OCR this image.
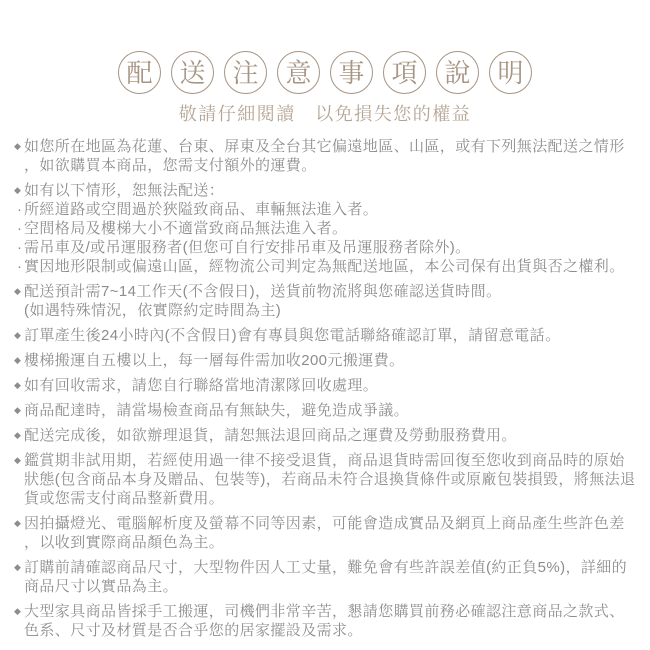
配	送	注	意	事	項	說	明
敬請仔細閱讀　以免損失您的權益
◆ 如您所在地區為花蓮、台東、屏東及全台其它偏遠地區、山區，或有下列無法配送之情形
，如欲購買本商品，您需支付額外的運費。
◆ 如有以下情形，恕無法配送：
· 所經道路或空間過於狹隘致商品、車輛無法進入者。
· 空間格局及樓梯大小不適當致商品無法進入者。
· 需吊車及/或吊運服務者(但您可自行安排吊車及吊運服務者除外)。
· 實因地形限制或偏遠山區，經物流公司判定為無配送地區，本公司保有出貨與否之權利。
◆ 配送預計需7~14工作天(不含假日)，送貨前物流將與您確認送貨時間。
(如遇特殊情況，依實際約定時間為主)
◆ 訂單產生後24小時內(不含假日)會有專員與您電話聯絡確認訂單，請留意電話。
◆ 樓梯搬運自五樓以上，每一層每件需加收200元搬運費。
◆ 如有回收需求，請您自行聯絡當地清潔隊回收處理。
◆ 商品配達時，請當場檢查商品有無缺失，避免造成爭議。
◆ 配送完成後，如欲辦理退貨，請恕無法退回商品之運費及勞動服務費用。
◆ 鑑賞期非試用期，若經使用過一律不接受退貨，商品退貨時需回復至您收到商品時的原始
狀態(包含商品本身及贈品、包裝等)，若商品未符合退換貨條件或原廠包裝損毀，將無法退
貨或您需支付商品整新費用。
◆ 因拍攝燈光、電腦解析度及螢幕不同等因素，可能會造成實品及網頁上商品產生些許色差
，以收到實際商品顏色為主。
◆ 訂購前請確認商品尺寸，大型物件因人工丈量，難免會有些許誤差值(約正負5%)，詳細的
商品尺寸以實品為主。
◆ 大型家具商品皆採手工搬運，司機們非常辛苦，懇請您購買前務必確認注意商品之款式、
色系、尺寸及材質是否合乎您的居家擺設及需求。
